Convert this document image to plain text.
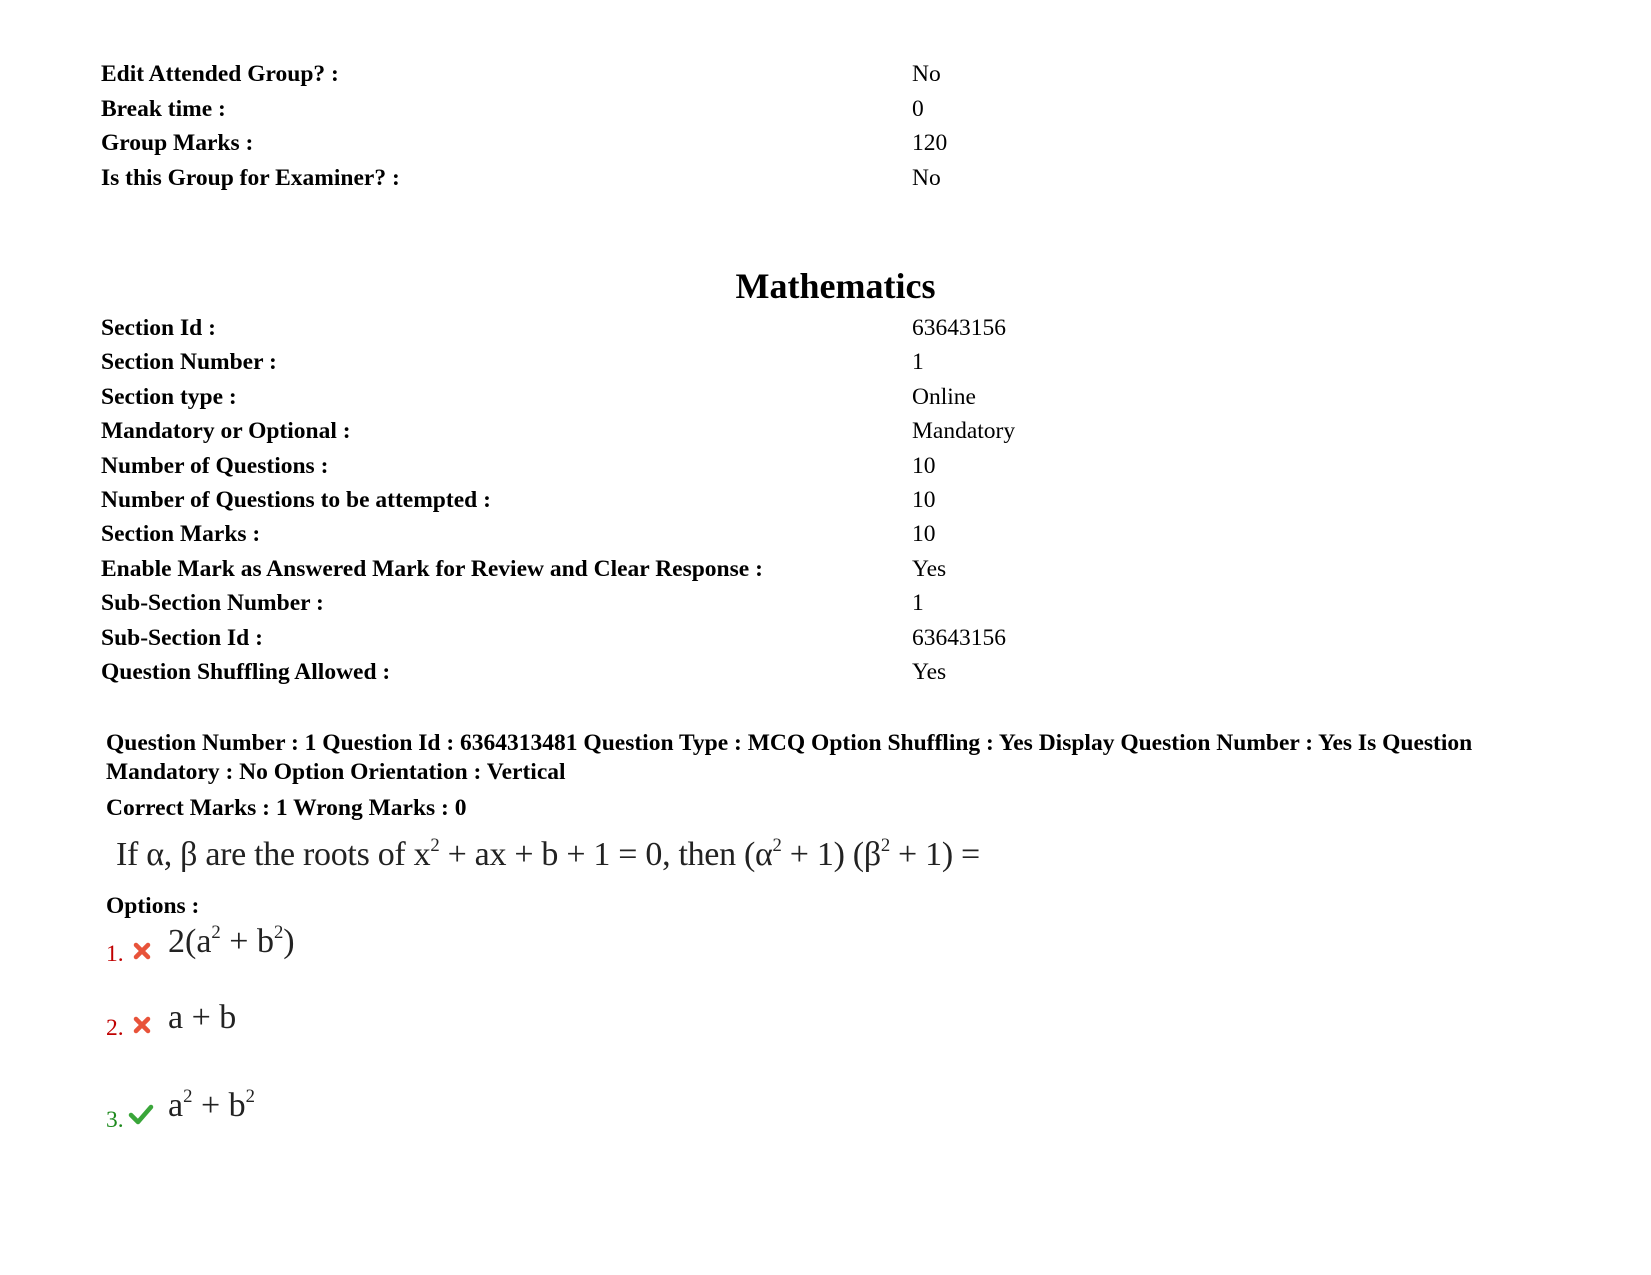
Edit Attended Group? :	No
Break time :	0
Group Marks :	120
Is this Group for Examiner? :	No
Mathematics
Section Id :	63643156
Section Number :	1
Section type :	Online
Mandatory or Optional :	Mandatory
Number of Questions :	10
Number of Questions to be attempted :	10
Section Marks :	10
Enable Mark as Answered Mark for Review and Clear Response :	Yes
Sub-Section Number :	1
Sub-Section Id :	63643156
Question Shuffling Allowed :	Yes
Question Number : 1 Question Id : 6364313481 Question Type : MCQ Option Shuffling : Yes Display Question Number : Yes Is Question Mandatory : No Option Orientation : Vertical
Correct Marks : 1 Wrong Marks : 0
If α, β are the roots of $x^2$ + ax + b + 1 = 0, then $(\alpha^2 + 1) (\beta^2 + 1)$ =
Options :
1. $2(a^2 + b^2)$
2. a + b
3. $a^2 + b^2$
